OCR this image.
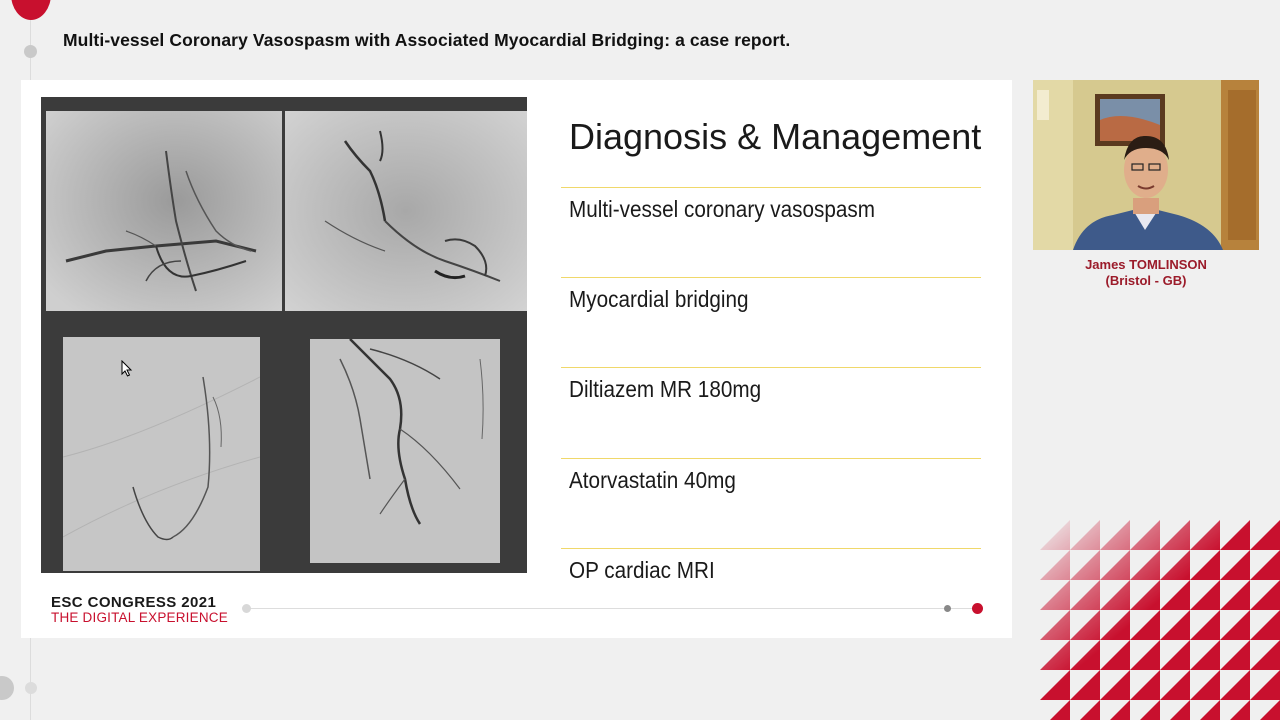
Multi-vessel Coronary Vasospasm with Associated Myocardial Bridging: a case report.
Diagnosis & Management
Multi-vessel coronary vasospasm
Myocardial bridging
Diltiazem MR 180mg
Atorvastatin 40mg
OP cardiac MRI
ESC CONGRESS 2021
THE DIGITAL EXPERIENCE
James TOMLINSON
(Bristol - GB)
